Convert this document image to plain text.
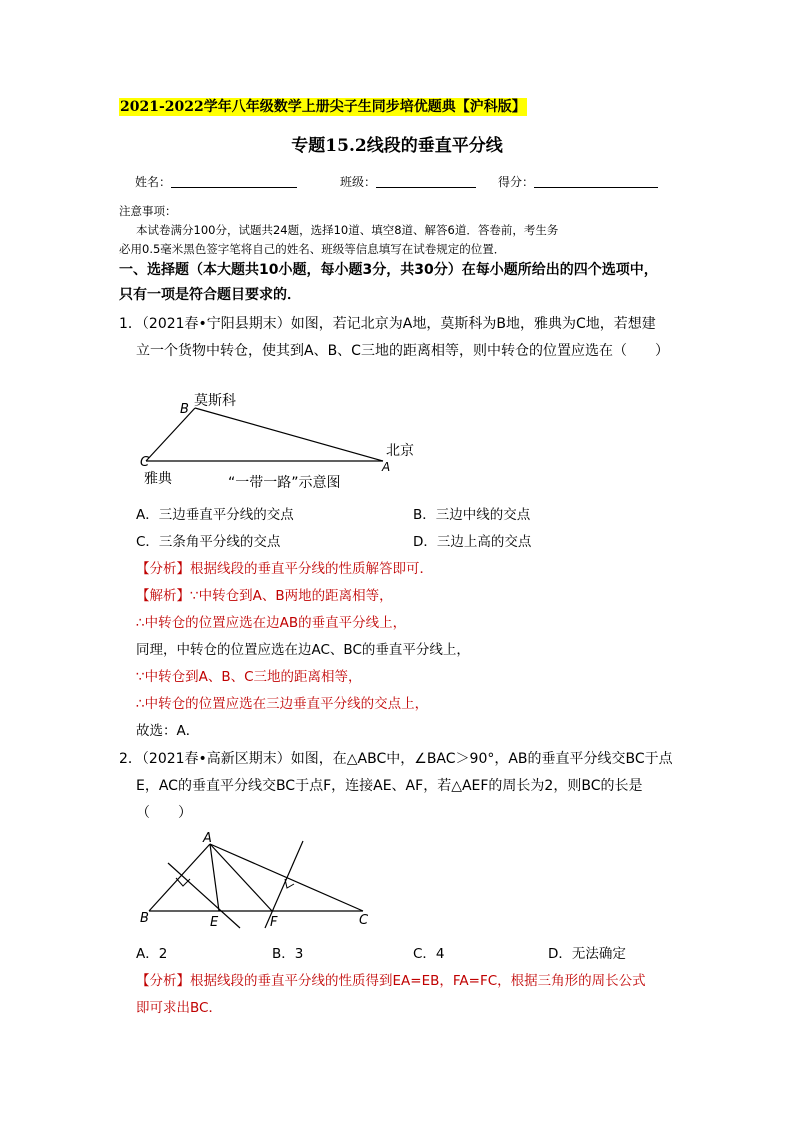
2021-2022学年八年级数学上册尖子生同步培优题典【沪科版】
专题15.2线段的垂直平分线
姓名：	班级：	得分：
注意事项：
本试卷满分100分，试题共24题，选择10道、填空8道、解答6道．答卷前，考生务
必用0.5毫米黑色签字笔将自己的姓名、班级等信息填写在试卷规定的位置．
一、选择题（本大题共10小题，每小题3分，共30分）在每小题所给出的四个选项中，
只有一项是符合题目要求的．
1．（2021春•宁阳县期末）如图，若记北京为A地，莫斯科为B地，雅典为C地，若想建
立一个货物中转仓，使其到A、B、C三地的距离相等，则中转仓的位置应选在（　　）
B
莫斯科
C
雅典
北京
A
“一带一路”示意图
A．三边垂直平分线的交点	B．三边中线的交点
C．三条角平分线的交点	D．三边上高的交点
【分析】根据线段的垂直平分线的性质解答即可．
【解析】∵中转仓到A、B两地的距离相等，
∴中转仓的位置应选在边AB的垂直平分线上，
同理，中转仓的位置应选在边AC、BC的垂直平分线上，
∵中转仓到A、B、C三地的距离相等，
∴中转仓的位置应选在三边垂直平分线的交点上，
故选：A．
2．（2021春•高新区期末）如图，在△ABC中，∠BAC＞90°，AB的垂直平分线交BC于点
E，AC的垂直平分线交BC于点F，连接AE、AF，若△AEF的周长为2，则BC的长是
（　　）
A
B	E	F	C
A．2	B．3	C．4	D．无法确定
【分析】根据线段的垂直平分线的性质得到EA=EB，FA=FC，根据三角形的周长公式
即可求出BC．
